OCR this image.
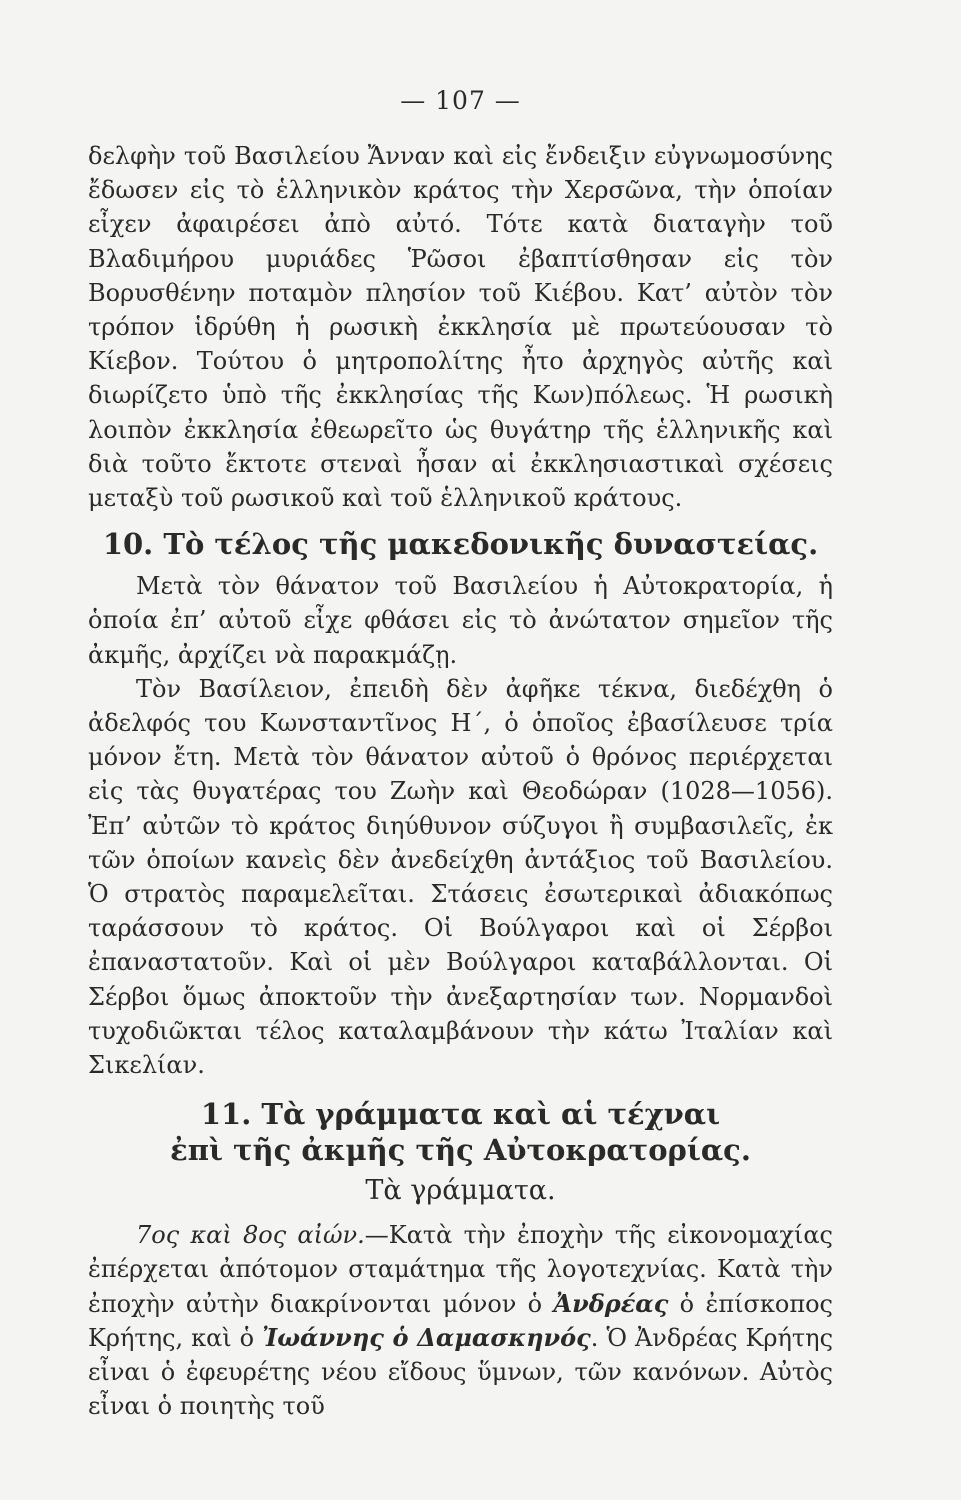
— 107 —

δελφὴν τοῦ Βασιλείου Ἄνναν καὶ εἰς ἔνδειξιν εὐγνωμοσύνης ἔδωσεν εἰς τὸ ἑλληνικὸν κράτος τὴν Χερσῶνα, τὴν ὁποίαν εἶχεν ἀφαιρέσει ἀπὸ αὐτό. Τότε κατὰ διαταγὴν τοῦ Βλαδιμήρου μυριάδες Ῥῶσοι ἐβαπτίσθησαν εἰς τὸν Βορυσθένην ποταμὸν πλησίον τοῦ Κιέβου. Κατ’ αὐτὸν τὸν τρόπον ἱδρύθη ἡ ρωσικὴ ἐκκλησία μὲ πρωτεύουσαν τὸ Κίεβον. Τούτου ὁ μητροπολίτης ἦτο ἀρχηγὸς αὐτῆς καὶ διωρίζετο ὑπὸ τῆς ἐκκλησίας τῆς Κων)πόλεως. Ἡ ρωσικὴ λοιπὸν ἐκκλησία ἐθεωρεῖτο ὡς θυγάτηρ τῆς ἑλληνικῆς καὶ διὰ τοῦτο ἔκτοτε στεναὶ ἦσαν αἱ ἐκκλησιαστικαὶ σχέσεις μεταξὺ τοῦ ρωσικοῦ καὶ τοῦ ἑλληνικοῦ κράτους.

10. Τὸ τέλος τῆς μακεδονικῆς δυναστείας.

Μετὰ τὸν θάνατον τοῦ Βασιλείου ἡ Αὐτοκρατορία, ἡ ὁποία ἐπ’ αὐτοῦ εἶχε φθάσει εἰς τὸ ἀνώτατον σημεῖον τῆς ἀκμῆς, ἀρχίζει νὰ παρακμάζῃ.

Τὸν Βασίλειον, ἐπειδὴ δὲν ἀφῆκε τέκνα, διεδέχθη ὁ ἀδελφός του Κωνσταντῖνος Η΄, ὁ ὁποῖος ἐβασίλευσε τρία μόνον ἔτη. Μετὰ τὸν θάνατον αὐτοῦ ὁ θρόνος περιέρχεται εἰς τὰς θυγατέρας του Ζωὴν καὶ Θεοδώραν (1028—1056). Ἐπ’ αὐτῶν τὸ κράτος διηύθυνον σύζυγοι ἢ συμβασιλεῖς, ἐκ τῶν ὁποίων κανεὶς δὲν ἀνεδείχθη ἀντάξιος τοῦ Βασιλείου. Ὁ στρατὸς παραμελεῖται. Στάσεις ἐσωτερικαὶ ἀδιακόπως ταράσσουν τὸ κράτος. Οἱ Βούλγαροι καὶ οἱ Σέρβοι ἐπαναστατοῦν. Καὶ οἱ μὲν Βούλγαροι καταβάλλονται. Οἱ Σέρβοι ὅμως ἀποκτοῦν τὴν ἀνεξαρτησίαν των. Νορμανδοὶ τυχοδιῶκται τέλος καταλαμβάνουν τὴν κάτω Ἰταλίαν καὶ Σικελίαν.

11. Τὰ γράμματα καὶ αἱ τέχναι
ἐπὶ τῆς ἀκμῆς τῆς Αὐτοκρατορίας.
Τὰ γράμματα.

7ος καὶ 8ος αἰών.—Κατὰ τὴν ἐποχὴν τῆς εἰκονομαχίας ἐπέρχεται ἀπότομον σταμάτημα τῆς λογοτεχνίας. Κατὰ τὴν ἐποχὴν αὐτὴν διακρίνονται μόνον ὁ Ἀνδρέας ὁ ἐπίσκοπος Κρήτης, καὶ ὁ Ἰωάννης ὁ Δαμασκηνός. Ὁ Ἀνδρέας Κρήτης εἶναι ὁ ἐφευρέτης νέου εἴδους ὕμνων, τῶν κανόνων. Αὐτὸς εἶναι ὁ ποιητὴς τοῦ
